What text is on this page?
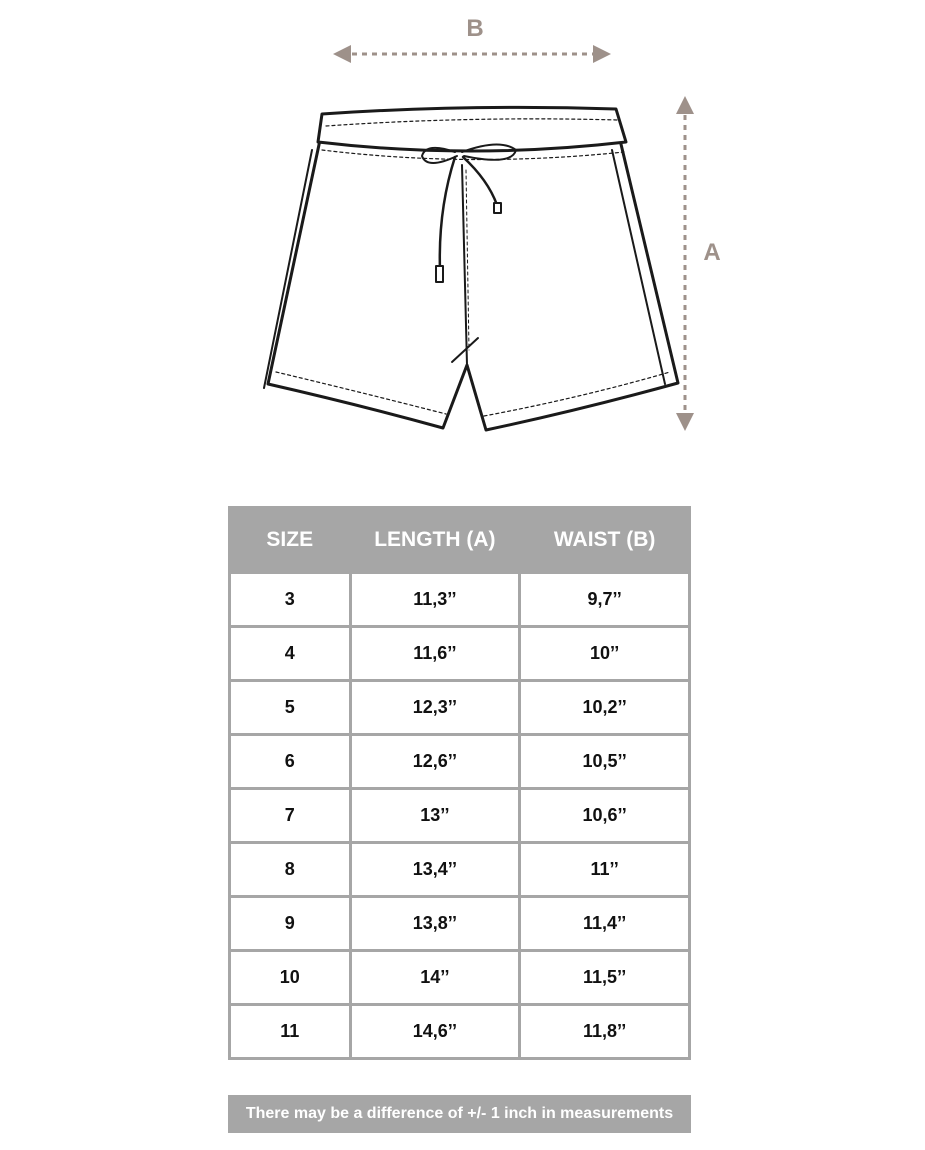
B
A
SIZE	LENGTH (A)	WAIST (B)
3	11,3’’	9,7’’
4	11,6’’	10’’
5	12,3’’	10,2’’
6	12,6’’	10,5’’
7	13’’	10,6’’
8	13,4’’	11’’
9	13,8’’	11,4’’
10	14’’	11,5’’
11	14,6’’	11,8’’
There may be a difference of +/- 1 inch in measurements
